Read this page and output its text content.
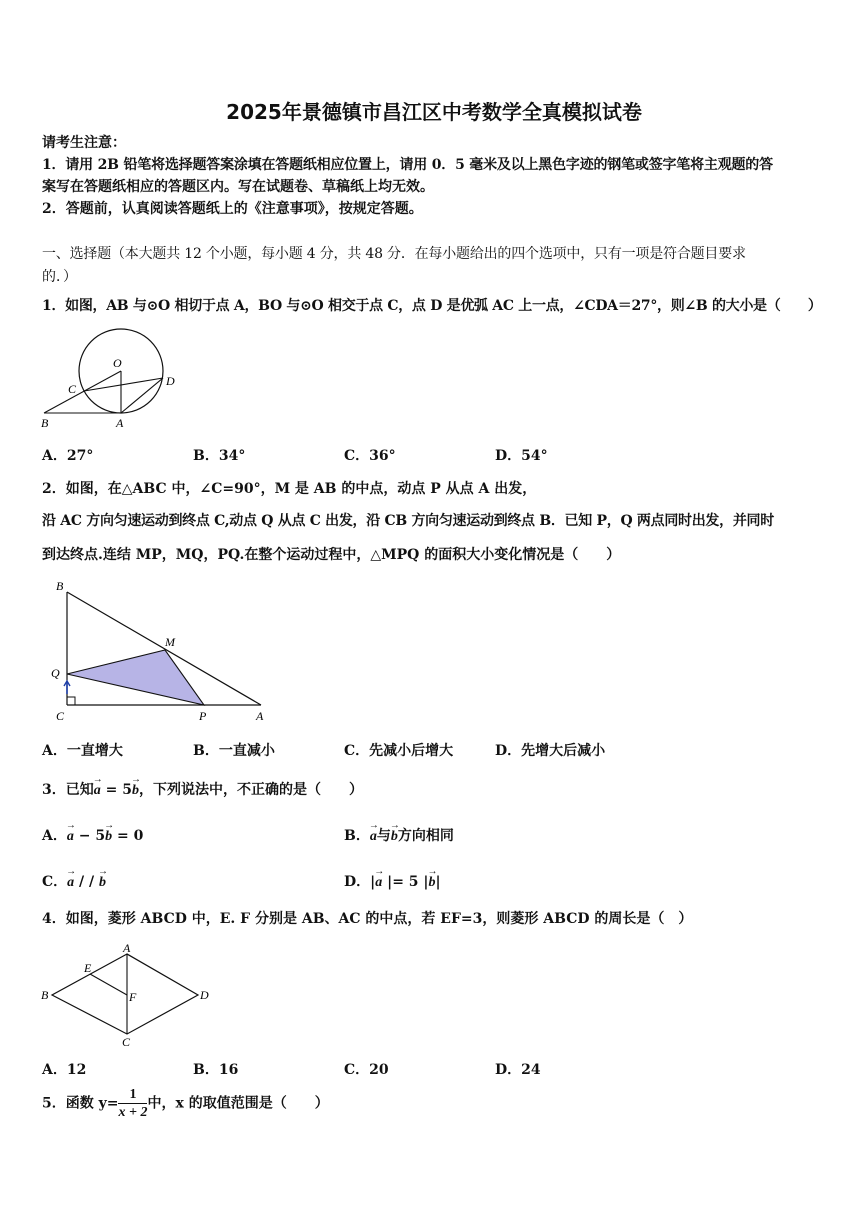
2025年景德镇市昌江区中考数学全真模拟试卷
请考生注意：
1．请用 2B 铅笔将选择题答案涂填在答题纸相应位置上，请用 0．5 毫米及以上黑色字迹的钢笔或签字笔将主观题的答
案写在答题纸相应的答题区内。写在试题卷、草稿纸上均无效。
2．答题前，认真阅读答题纸上的《注意事项》，按规定答题。
一、选择题（本大题共 12 个小题，每小题 4 分，共 48 分．在每小题给出的四个选项中，只有一项是符合题目要求
的．）
1．如图，AB 与⊙O 相切于点 A，BO 与⊙O 相交于点 C，点 D 是优弧 AC 上一点，∠CDA＝27°，则∠B 的大小是（　　）
O
C
D
B	A
A．27°	B．34°	C．36°	D．54°
2．如图，在△ABC 中，∠C=90°，M 是 AB 的中点，动点 P 从点 A 出发，
沿 AC 方向匀速运动到终点 C,动点 Q 从点 C 出发，沿 CB 方向匀速运动到终点 B．已知 P，Q 两点同时出发，并同时
到达终点.连结 MP，MQ，PQ.在整个运动过程中，△MPQ 的面积大小变化情况是（　　）
B
M
Q
C	P	A
A．一直增大	B．一直减小	C．先减小后增大	D．先增大后减小
3．已知→ a = 5→ b，下列说法中，不正确的是（　　）
A．→ a − 5→ b = 0	B．→ a与→ b方向相同
C．→ a / / → b	D．|→ a |= 5 |→ b|
4．如图，菱形 ABCD 中，E. F 分别是 AB、AC 的中点，若 EF=3，则菱形 ABCD 的周长是（　）
A
E
B	F	D
C
A．12	B．16	C．20	D．24
5．函数 $y= \frac{1}{x + 2}$ 中，x 的取值范围是（　　）
